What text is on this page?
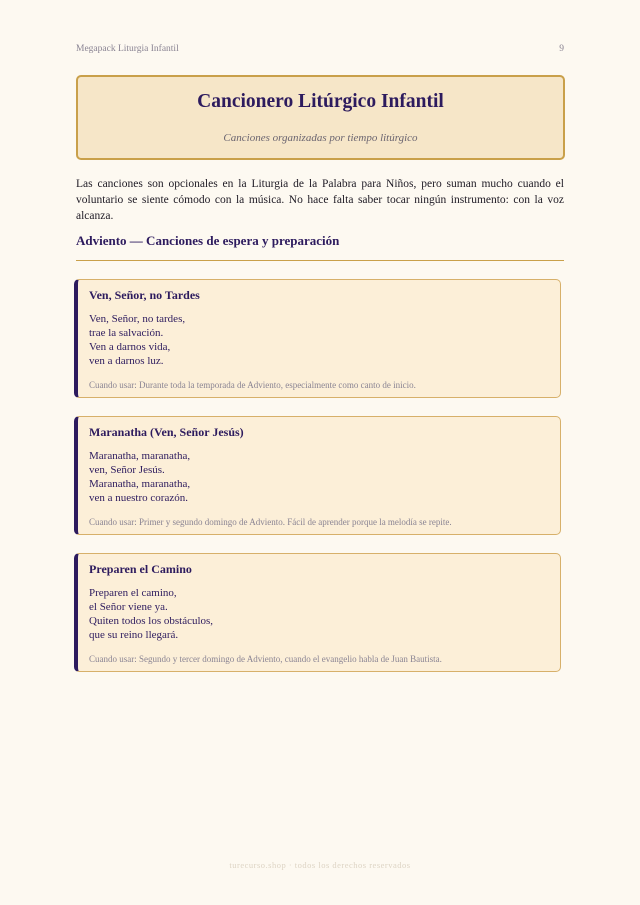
Megapack Liturgia Infantil	9
Cancionero Litúrgico Infantil
Canciones organizadas por tiempo litúrgico

Las canciones son opcionales en la Liturgia de la Palabra para Niños, pero suman mucho cuando el voluntario se siente cómodo con la música. No hace falta saber tocar ningún instrumento: con la voz alcanza.

Adviento — Canciones de espera y preparación
Ven, Señor, no Tardes
Ven, Señor, no tardes,
trae la salvación.
Ven a darnos vida,
ven a darnos luz.
Cuando usar: Durante toda la temporada de Adviento, especialmente como canto de inicio.
Maranatha (Ven, Señor Jesús)
Maranatha, maranatha,
ven, Señor Jesús.
Maranatha, maranatha,
ven a nuestro corazón.
Cuando usar: Primer y segundo domingo de Adviento. Fácil de aprender porque la melodía se repite.
Preparen el Camino
Preparen el camino,
el Señor viene ya.
Quiten todos los obstáculos,
que su reino llegará.
Cuando usar: Segundo y tercer domingo de Adviento, cuando el evangelio habla de Juan Bautista.
turecurso.shop · todos los derechos reservados
